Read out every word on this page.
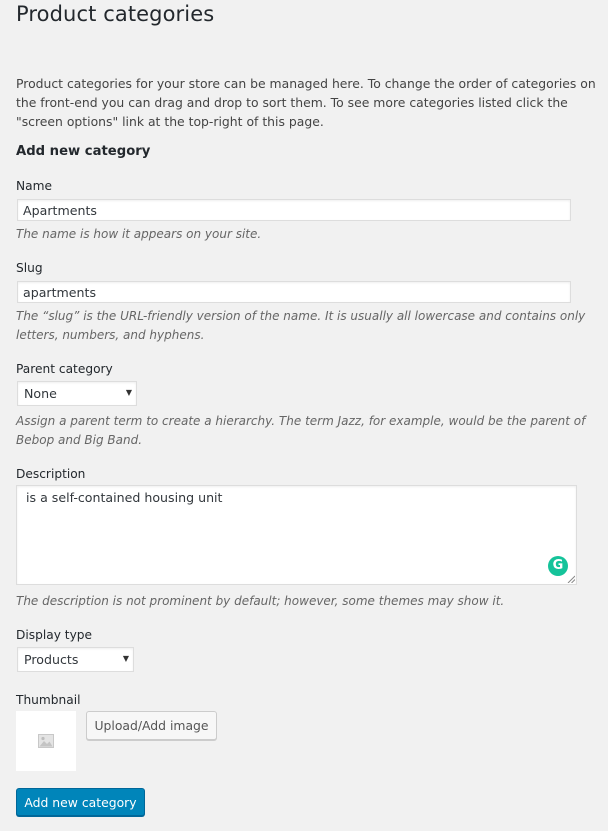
Product categories

Product categories for your store can be managed here. To change the order of categories on the front-end you can drag and drop to sort them. To see more categories listed click the "screen options" link at the top-right of this page.

Add new category
Name
Apartments

The name is how it appears on your site.

Slug
apartments

The “slug” is the URL-friendly version of the name. It is usually all lowercase and contains only letters, numbers, and hyphens.

Parent category
None	▼

Assign a parent term to create a hierarchy. The term Jazz, for example, would be the parent of Bebop and Big Band.

Description
is a self-contained housing unit
G

The description is not prominent by default; however, some themes may show it.

Display type
Products	▼
Thumbnail
Upload/Add image
Add new category
